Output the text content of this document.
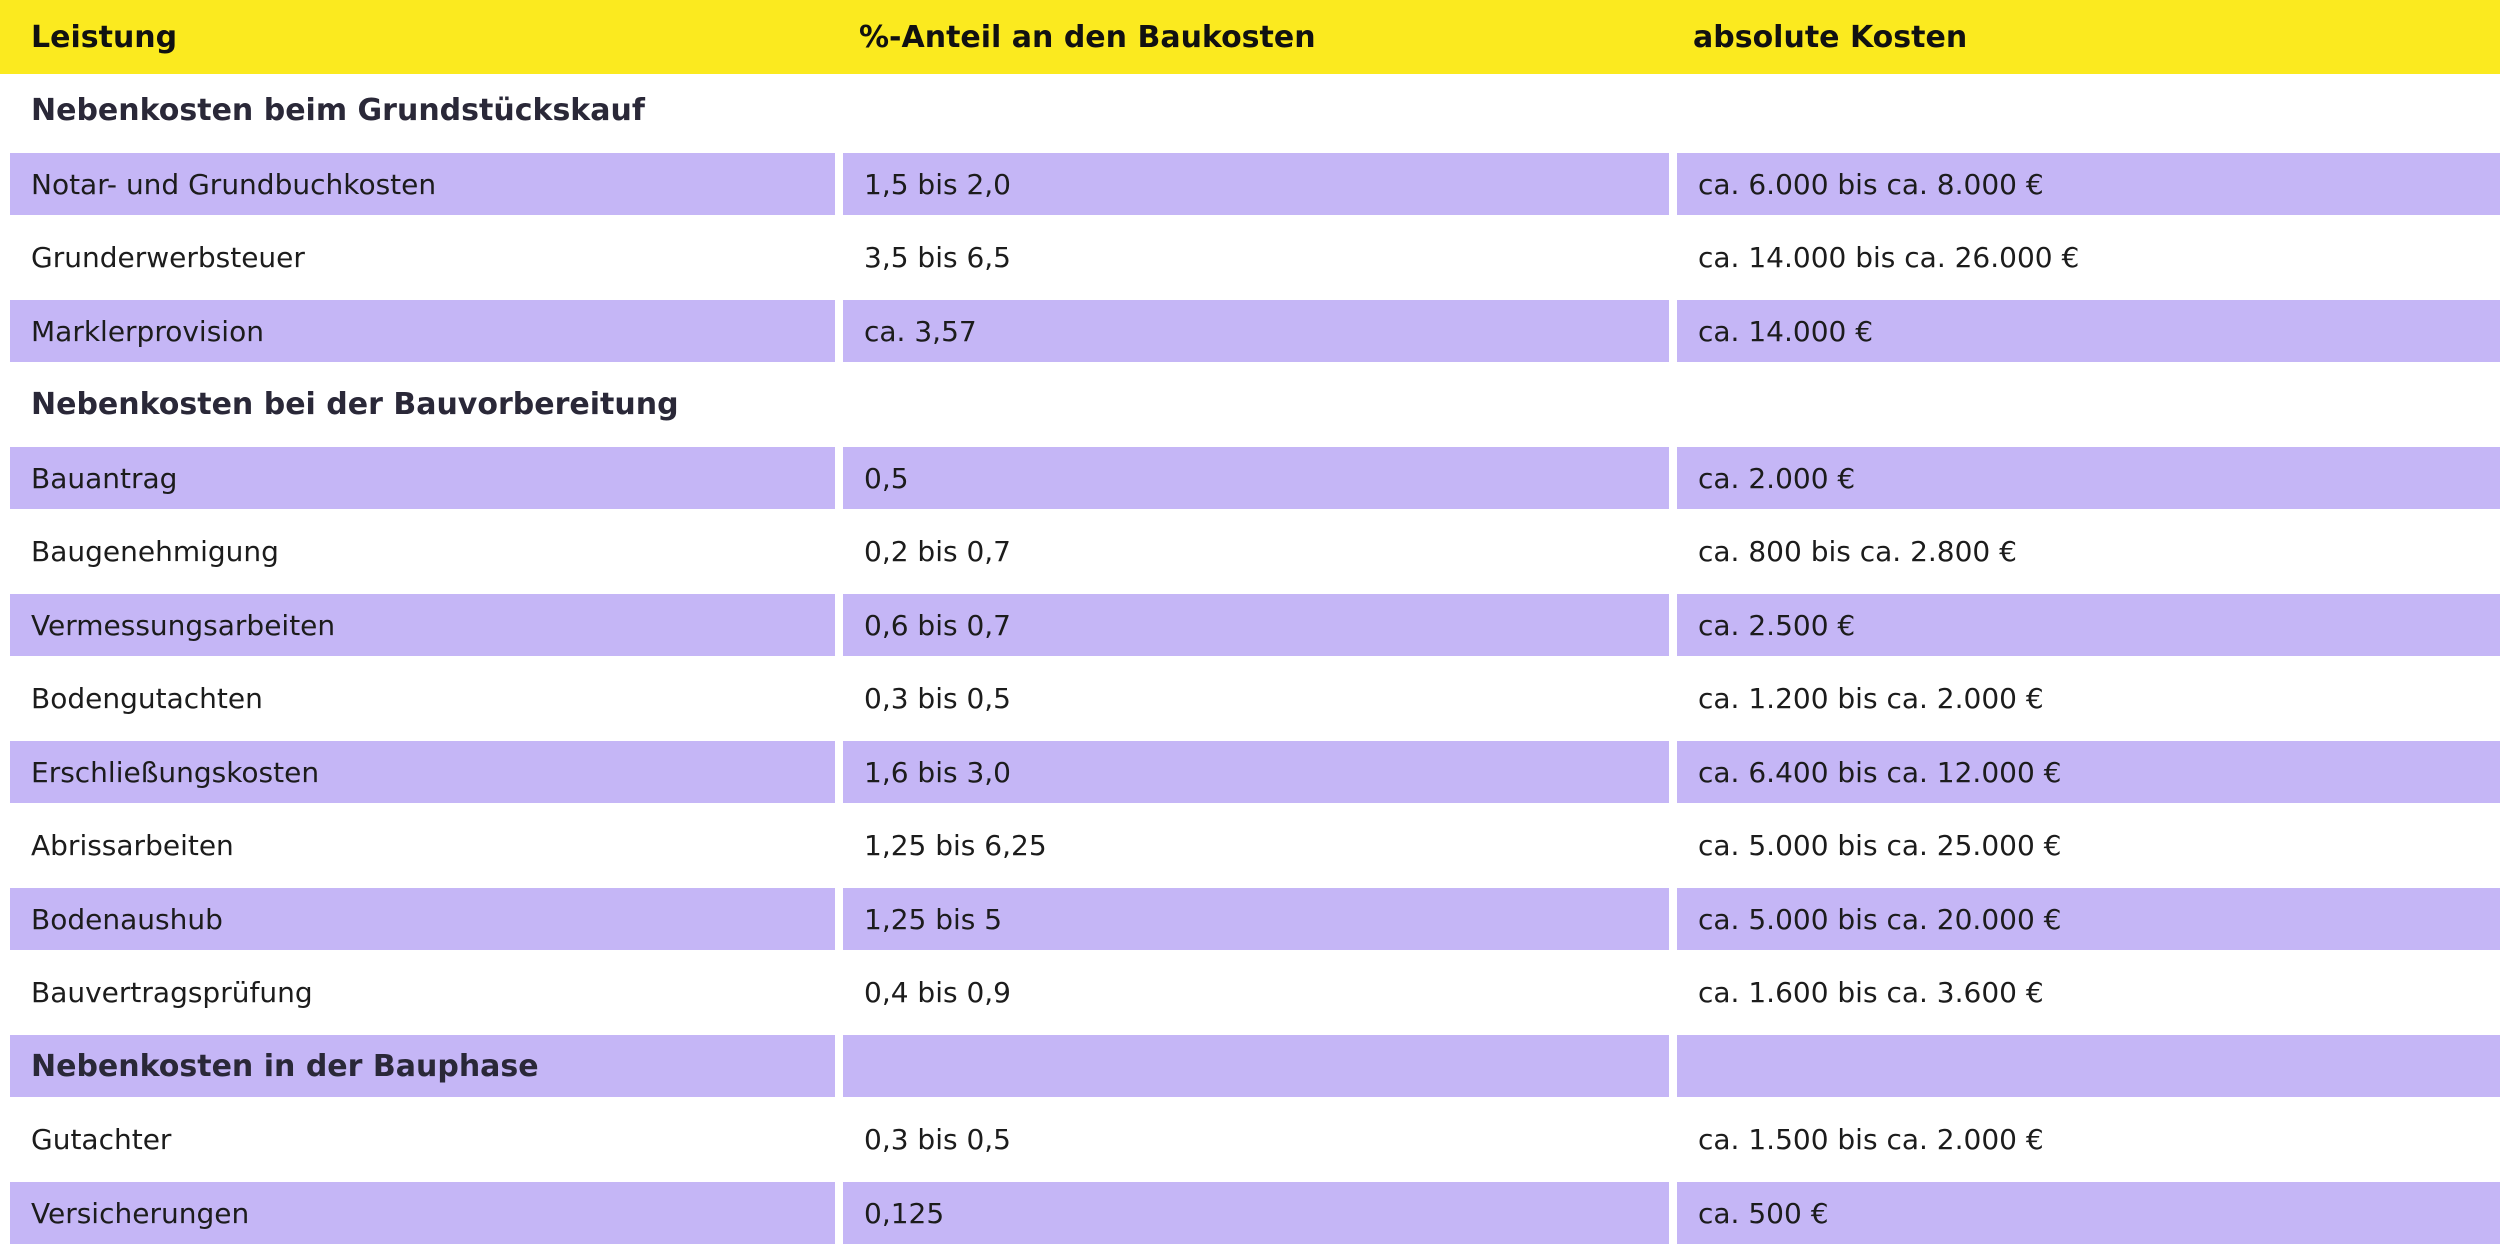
Leistung	%-Anteil an den Baukosten	absolute Kosten
Nebenkosten beim Grundstückskauf
Notar- und Grundbuchkosten	1,5 bis 2,0	ca. 6.000 bis ca. 8.000 €
Grunderwerbsteuer	3,5 bis 6,5	ca. 14.000 bis ca. 26.000 €
Marklerprovision	ca. 3,57	ca. 14.000 €
Nebenkosten bei der Bauvorbereitung
Bauantrag	0,5	ca. 2.000 €
Baugenehmigung	0,2 bis 0,7	ca. 800 bis ca. 2.800 €
Vermessungsarbeiten	0,6 bis 0,7	ca. 2.500 €
Bodengutachten	0,3 bis 0,5	ca. 1.200 bis ca. 2.000 €
Erschließungskosten	1,6 bis 3,0	ca. 6.400 bis ca. 12.000 €
Abrissarbeiten	1,25 bis 6,25	ca. 5.000 bis ca. 25.000 €
Bodenaushub	1,25 bis 5	ca. 5.000 bis ca. 20.000 €
Bauvertragsprüfung	0,4 bis 0,9	ca. 1.600 bis ca. 3.600 €
Nebenkosten in der Bauphase
Gutachter	0,3 bis 0,5	ca. 1.500 bis ca. 2.000 €
Versicherungen	0,125	ca. 500 €
